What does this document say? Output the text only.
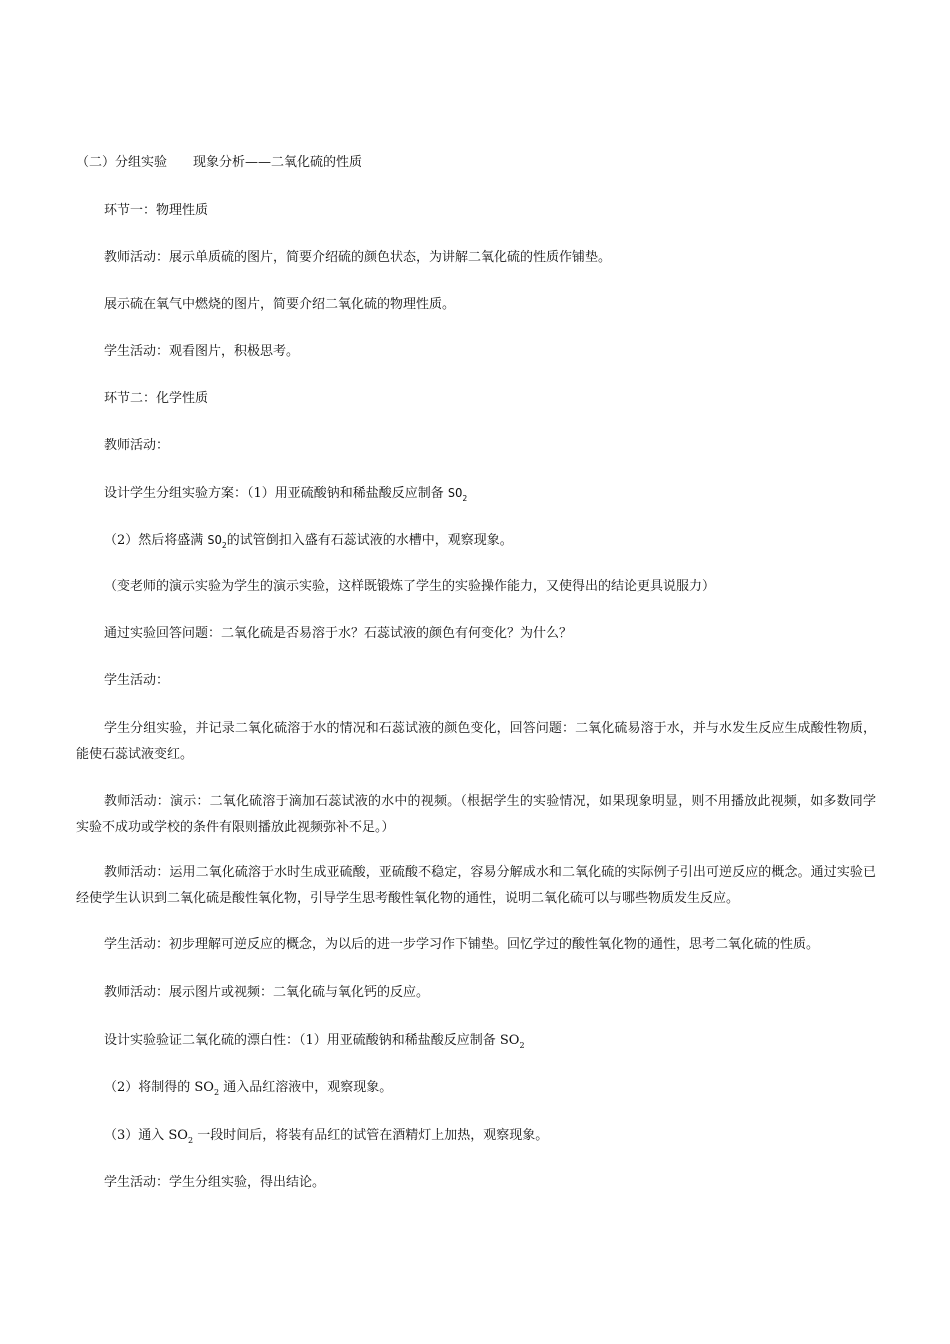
（二）分组实验　　现象分析——二氧化硫的性质
环节一：物理性质
教师活动：展示单质硫的图片，简要介绍硫的颜色状态，为讲解二氧化硫的性质作铺垫。
展示硫在氧气中燃烧的图片，简要介绍二氧化硫的物理性质。
学生活动：观看图片，积极思考。
环节二：化学性质
教师活动：
设计学生分组实验方案：（1）用亚硫酸钠和稀盐酸反应制备 $SO_2$
（2）然后将盛满 $SO_2$的试管倒扣入盛有石蕊试液的水槽中，观察现象。
（变老师的演示实验为学生的演示实验，这样既锻炼了学生的实验操作能力，又使得出的结论更具说服力）
通过实验回答问题：二氧化硫是否易溶于水？石蕊试液的颜色有何变化？为什么？
学生活动：
学生分组实验，并记录二氧化硫溶于水的情况和石蕊试液的颜色变化，回答问题：二氧化硫易溶于水，并与水发生反应生成酸性物质，能使石蕊试液变红。
教师活动：演示：二氧化硫溶于滴加石蕊试液的水中的视频。（根据学生的实验情况，如果现象明显，则不用播放此视频，如多数同学实验不成功或学校的条件有限则播放此视频弥补不足。）
教师活动：运用二氧化硫溶于水时生成亚硫酸，亚硫酸不稳定，容易分解成水和二氧化硫的实际例子引出可逆反应的概念。通过实验已经使学生认识到二氧化硫是酸性氧化物，引导学生思考酸性氧化物的通性，说明二氧化硫可以与哪些物质发生反应。
学生活动：初步理解可逆反应的概念，为以后的进一步学习作下铺垫。回忆学过的酸性氧化物的通性，思考二氧化硫的性质。
教师活动：展示图片或视频：二氧化硫与氧化钙的反应。
设计实验验证二氧化硫的漂白性：（1）用亚硫酸钠和稀盐酸反应制备 $SO_2$
（2）将制得的 $SO_2$ 通入品红溶液中，观察现象。
（3）通入 $SO_2$ 一段时间后，将装有品红的试管在酒精灯上加热，观察现象。
学生活动：学生分组实验，得出结论。
